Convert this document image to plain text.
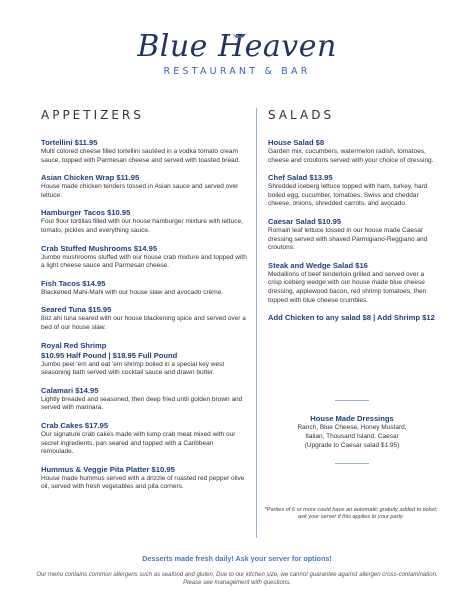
Blue Heaven
RESTAURANT & BAR
APPETIZERS
Tortellini $11.95
Multi colored cheese filled tortellini sautéed in a vodka tomato cream sauce, topped with Parmesan cheese and served with toasted bread.
Asian Chicken Wrap $11.95
House made chicken tenders tossed in Asian sauce and served over lettuce.
Hamburger Tacos $10.95
Four flour tortillas filled with our house hamburger mixture with lettuce, tomato, pickles and everything sauce.
Crab Stuffed Mushrooms $14.95
Jumbo mushrooms stuffed with our house crab mixture and topped with a light cheese sauce and Parmesan cheese.
Fish Tacos $14.95
Blackened Mahi-Mahi with our house slaw and avocado crème.
Seared Tuna $15.95
8oz ahi tuna seared with our house blackening spice and served over a bed of our house slaw.
Royal Red Shrimp
$10.95 Half Pound | $18.95 Full Pound
Jumbo peel 'em and eat 'em shrimp boiled in a special key west seasoning bath served with cocktail sauce and drawn butter.
Calamari $14.95
Lightly breaded and seasoned, then deep fried until golden brown and served with marinara.
Crab Cakes $17.95
Our signature crab cakes made with lump crab meat mixed with our secret ingredients, pan seared and topped with a Caribbean remoulade.
Hummus & Veggie Pita Platter $10.95
House made hummus served with a drizzle of roasted red pepper olive oil, served with fresh vegetables and pita corners.
SALADS
House Salad $8
Garden mix, cucumbers, watermelon radish, tomatoes, cheese and croutons served with your choice of dressing.
Chef Salad $13.95
Shredded iceberg lettuce topped with ham, turkey, hard boiled egg, cucumber, tomatoes, Swiss and cheddar cheese, onions, shredded carrots, and avocado.
Caesar Salad $10.95
Romain leaf lettuce tossed in our house made Caesar dressing served with shaved Parmigiano-Reggiano and croutons.
Steak and Wedge Salad $16
Medallions of beef tenderloin grilled and served over a crisp iceberg wedge with our house made blue cheese dressing, applewood bacon, red shrimp tomatoes, then topped with blue cheese crumbles.
Add Chicken to any salad $8 | Add Shrimp $12
House Made Dressings
Ranch, Blue Cheese, Honey Mustard,
Italian, Thousand Island, Caesar
(Upgrade to Caesar salad $1.95)
*Parties of 6 or more could have an automatic gratuity added to ticket; ask your server if this applies to your party.
Desserts made fresh daily! Ask your server for options!
Our menu contains common allergens such as seafood and gluten. Due to our kitchen size, we cannot guarantee against allergen cross-contamination. Please see management with questions.
